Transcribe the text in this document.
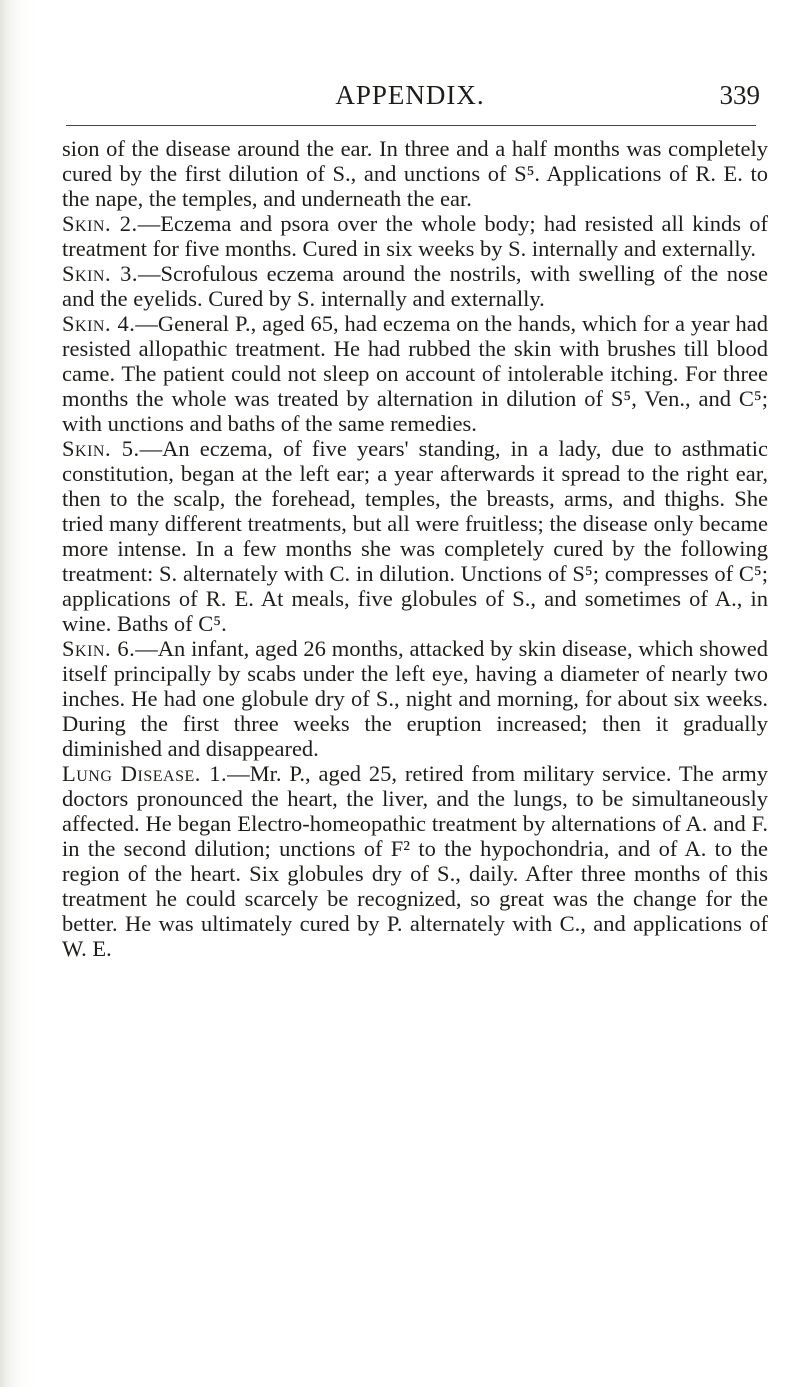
APPENDIX.	339

sion of the disease around the ear. In three and a half months was completely cured by the first dilution of S., and unctions of S⁵. Applications of R. E. to the nape, the temples, and underneath the ear.

Skin. 2.—Eczema and psora over the whole body; had resisted all kinds of treatment for five months. Cured in six weeks by S. internally and externally.

Skin. 3.—Scrofulous eczema around the nostrils, with swelling of the nose and the eyelids. Cured by S. internally and externally.

Skin. 4.—General P., aged 65, had eczema on the hands, which for a year had resisted allopathic treatment. He had rubbed the skin with brushes till blood came. The patient could not sleep on account of intolerable itching. For three months the whole was treated by alternation in dilution of S⁵, Ven., and C⁵; with unctions and baths of the same remedies.

Skin. 5.—An eczema, of five years' standing, in a lady, due to asthmatic constitution, began at the left ear; a year afterwards it spread to the right ear, then to the scalp, the forehead, temples, the breasts, arms, and thighs. She tried many different treatments, but all were fruitless; the disease only became more intense. In a few months she was completely cured by the following treatment: S. alternately with C. in dilution. Unctions of S⁵; compresses of C⁵; applications of R. E. At meals, five globules of S., and sometimes of A., in wine. Baths of C⁵.

Skin. 6.—An infant, aged 26 months, attacked by skin disease, which showed itself principally by scabs under the left eye, having a diameter of nearly two inches. He had one globule dry of S., night and morning, for about six weeks. During the first three weeks the eruption increased; then it gradually diminished and disappeared.

Lung Disease. 1.—Mr. P., aged 25, retired from military service. The army doctors pronounced the heart, the liver, and the lungs, to be simultaneously affected. He began Electro-homeopathic treatment by alternations of A. and F. in the second dilution; unctions of F² to the hypochondria, and of A. to the region of the heart. Six globules dry of S., daily. After three months of this treatment he could scarcely be recognized, so great was the change for the better. He was ultimately cured by P. alternately with C., and applications of W. E.
